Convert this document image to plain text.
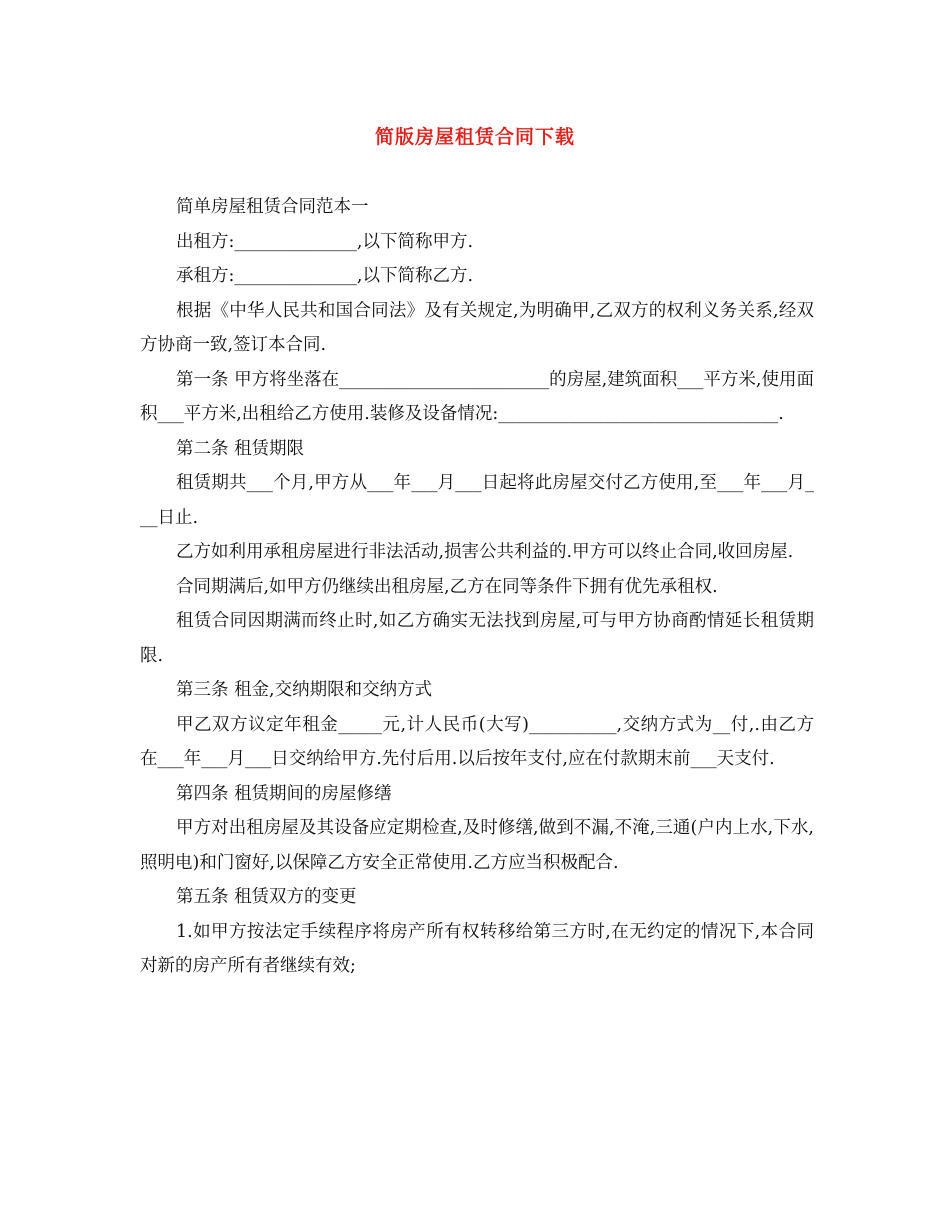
简版房屋租赁合同下载

简单房屋租赁合同范本一

出租方:______________,以下简称甲方.

承租方:______________,以下简称乙方.

根据《中华人民共和国合同法》及有关规定,为明确甲,乙双方的权利义务关系,经双方协商一致,签订本合同.

第一条 甲方将坐落在________________________的房屋,建筑面积___平方米,使用面积___平方米,出租给乙方使用.装修及设备情况:________________________________.

第二条 租赁期限

租赁期共___个月,甲方从___年___月___日起将此房屋交付乙方使用,至___年___月___日止.

乙方如利用承租房屋进行非法活动,损害公共利益的.甲方可以终止合同,收回房屋.

合同期满后,如甲方仍继续出租房屋,乙方在同等条件下拥有优先承租权.

租赁合同因期满而终止时,如乙方确实无法找到房屋,可与甲方协商酌情延长租赁期限.

第三条 租金,交纳期限和交纳方式

甲乙双方议定年租金_____元,计人民币(大写)__________,交纳方式为__付,.由乙方在___年___月___日交纳给甲方.先付后用.以后按年支付,应在付款期末前___天支付.

第四条 租赁期间的房屋修缮

甲方对出租房屋及其设备应定期检查,及时修缮,做到不漏,不淹,三通(户内上水,下水,照明电)和门窗好,以保障乙方安全正常使用.乙方应当积极配合.

第五条 租赁双方的变更

1.如甲方按法定手续程序将房产所有权转移给第三方时,在无约定的情况下,本合同对新的房产所有者继续有效;
